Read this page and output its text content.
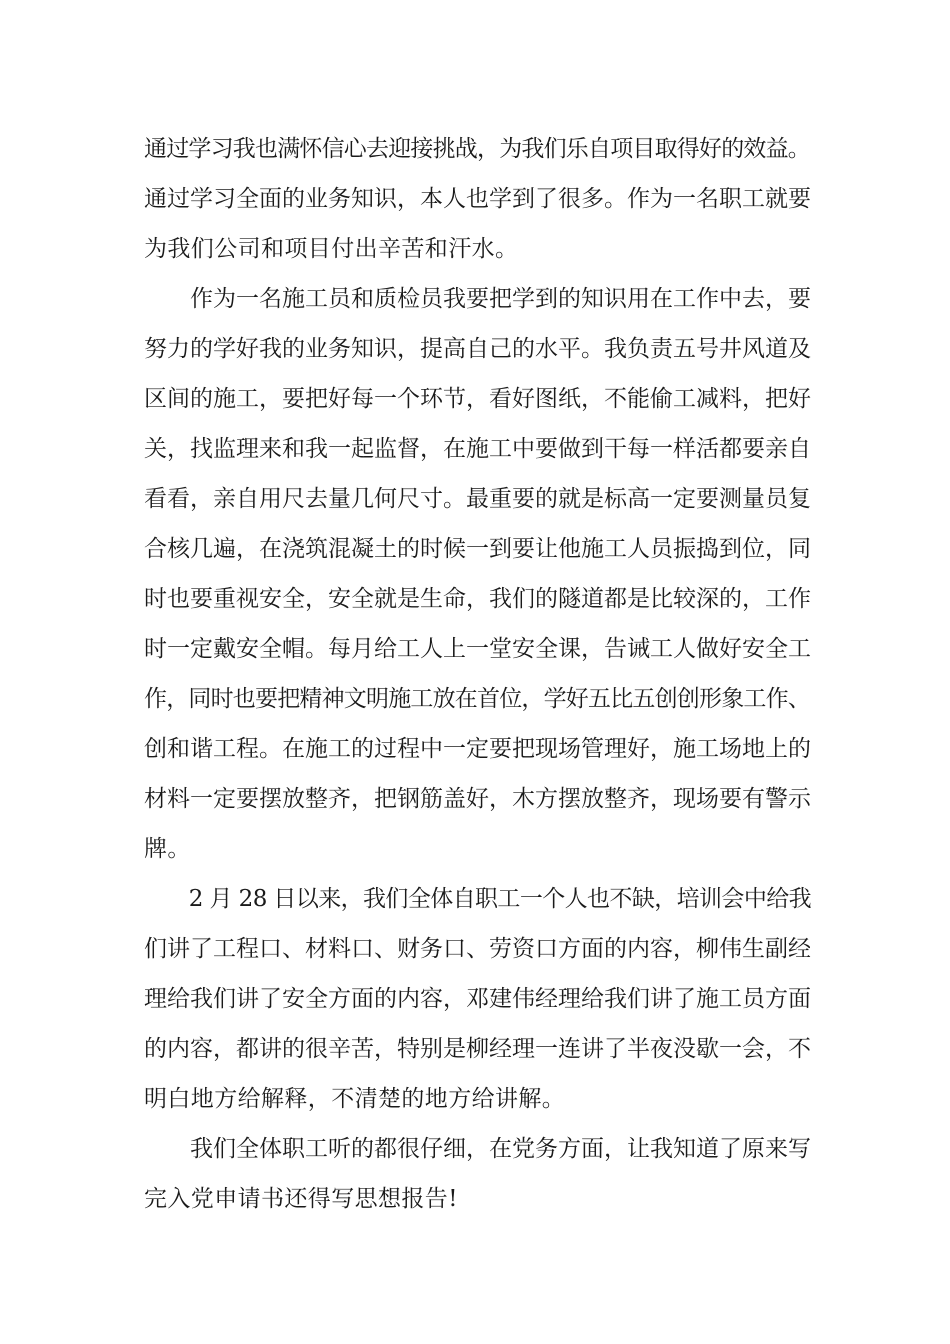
通过学习我也满怀信心去迎接挑战，为我们乐自项目取得好的效益。
通过学习全面的业务知识，本人也学到了很多。作为一名职工就要
为我们公司和项目付出辛苦和汗水。
　　作为一名施工员和质检员我要把学到的知识用在工作中去，要
努力的学好我的业务知识，提高自己的水平。我负责五号井风道及
区间的施工，要把好每一个环节，看好图纸，不能偷工减料，把好
关，找监理来和我一起监督，在施工中要做到干每一样活都要亲自
看看，亲自用尺去量几何尺寸。最重要的就是标高一定要测量员复
合核几遍，在浇筑混凝土的时候一到要让他施工人员振捣到位，同
时也要重视安全，安全就是生命，我们的隧道都是比较深的，工作
时一定戴安全帽。每月给工人上一堂安全课，告诫工人做好安全工
作，同时也要把精神文明施工放在首位，学好五比五创创形象工作、
创和谐工程。在施工的过程中一定要把现场管理好，施工场地上的
材料一定要摆放整齐，把钢筋盖好，木方摆放整齐，现场要有警示
牌。
　　2 月 28 日以来，我们全体自职工一个人也不缺，培训会中给我
们讲了工程口、材料口、财务口、劳资口方面的内容，柳伟生副经
理给我们讲了安全方面的内容，邓建伟经理给我们讲了施工员方面
的内容，都讲的很辛苦，特别是柳经理一连讲了半夜没歇一会，不
明白地方给解释，不清楚的地方给讲解。
　　我们全体职工听的都很仔细，在党务方面，让我知道了原来写
完入党申请书还得写思想报告!
